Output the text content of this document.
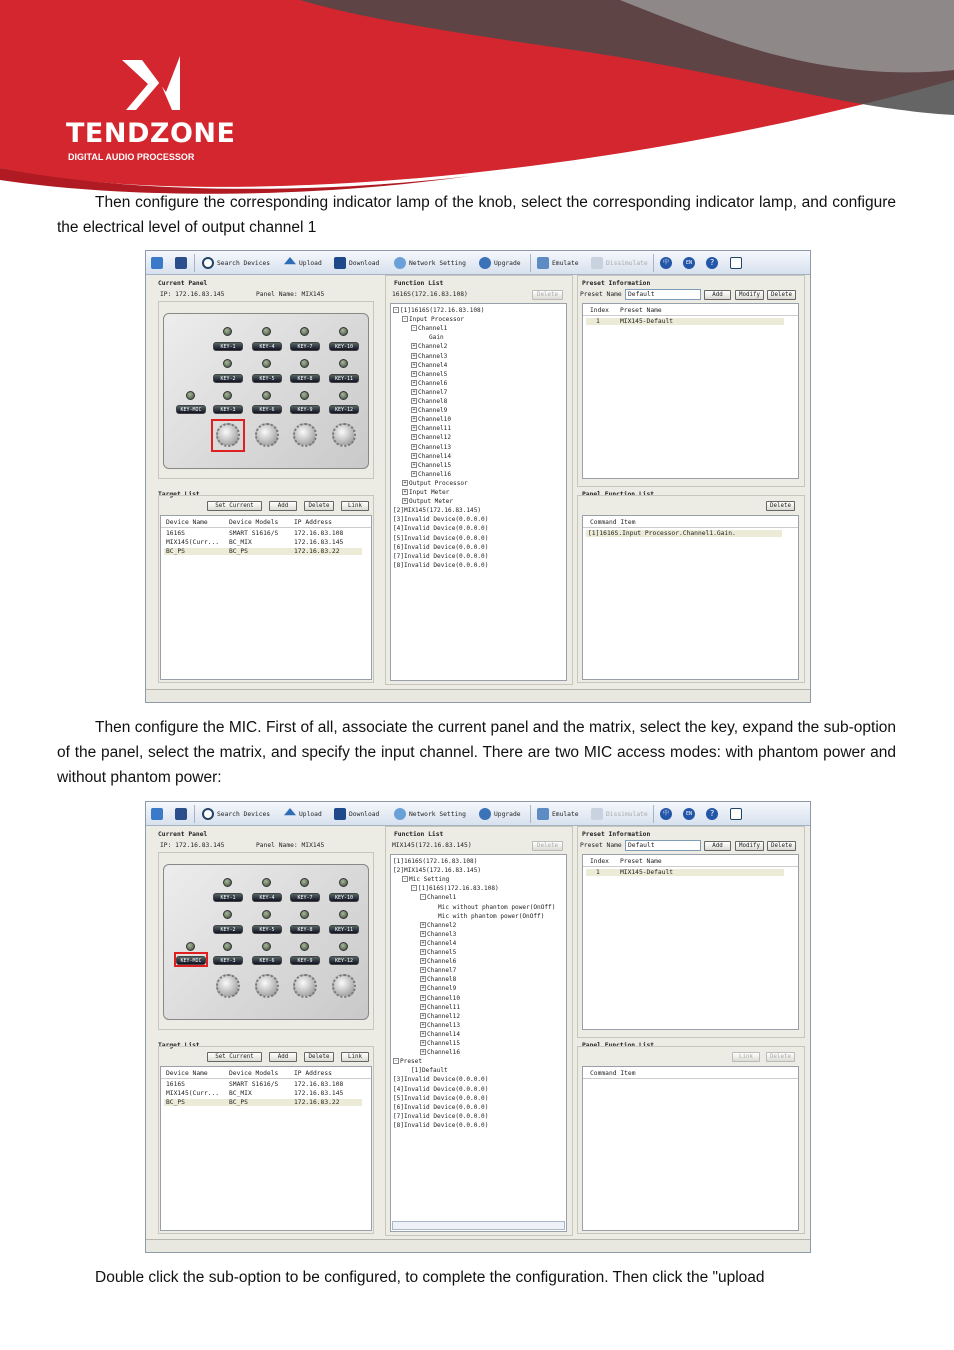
TENDZONE
DIGITAL AUDIO PROCESSOR

Then configure the corresponding indicator lamp of the knob, select the corresponding indicator lamp, and configure the electrical level of output channel 1

Search Devices	Upload	Download	Network Setting	Upgrade	Emulate	Dissimulate	中	EN	?
Current Panel
IP: 172.16.83.145	Panel Name: MIX145
KEY-1	KEY-4	KEY-7	KEY-10
KEY-2	KEY-5	KEY-8	KEY-11
KEY-MIC	KEY-3	KEY-6	KEY-9	KEY-12
Target List
Set Current	Add	Delete	Link
Device Name	Device Models IP Address
1616S	SMART S1616/S 172.16.83.108
MIX145(Curr... BC_MIX	172.16.83.145
BC_PS	BC_PS	172.16.83.22
Function List
1616S(172.16.83.108)	Delete
- [1]1616S(172.16.83.108)
- Input Processor
- Channel1
Gain
+ Channel2
+ Channel3
+ Channel4
+ Channel5
+ Channel6
+ Channel7
+ Channel8
+ Channel9
+ Channel10
+ Channel11
+ Channel12
+ Channel13
+ Channel14
+ Channel15
+ Channel16
+ Output Processor
+ Input Meter
+ Output Meter
[2]MIX145(172.16.83.145)
[3]Invalid Device(0.0.0.0)
[4]Invalid Device(0.0.0.0)
[5]Invalid Device(0.0.0.0)
[6]Invalid Device(0.0.0.0)
[7]Invalid Device(0.0.0.0)
[8]Invalid Device(0.0.0.0)
Preset Information
Preset Name Default	Add	Modify	Delete
Index Preset Name
1	MIX145-Default
Panel Function List
Delete
Command Item
[1]1616S.Input Processor.Channel1.Gain.

Then configure the MIC. First of all, associate the current panel and the matrix, select the key, expand the sub-option of the panel, select the matrix, and specify the input channel. There are two MIC access modes: with phantom power and without phantom power:

Search Devices	Upload	Download	Network Setting	Upgrade	Emulate	Dissimulate	中	EN	?
Current Panel
IP: 172.16.83.145	Panel Name: MIX145
KEY-1	KEY-4	KEY-7	KEY-10
KEY-2	KEY-5	KEY-8	KEY-11
KEY-MIC	KEY-3	KEY-6	KEY-9	KEY-12
Target List
Set Current	Add	Delete	Link
Device Name	Device Models IP Address
1616S	SMART S1616/S 172.16.83.108
MIX145(Curr... BC_MIX	172.16.83.145
BC_PS	BC_PS	172.16.83.22
Function List
MIX145(172.16.83.145)	Delete
[1]1616S(172.16.83.108)
[2]MIX145(172.16.83.145)
- Mic Setting
- [1]616S(172.16.83.108)
- Channel1
Mic without phantom power(OnOff)
Mic with phantom power(OnOff)
+ Channel2
+ Channel3
+ Channel4
+ Channel5
+ Channel6
+ Channel7
+ Channel8
+ Channel9
+ Channel10
+ Channel11
+ Channel12
+ Channel13
+ Channel14
+ Channel15
+ Channel16
- Preset
[1]Default
[3]Invalid Device(0.0.0.0)
[4]Invalid Device(0.0.0.0)
[5]Invalid Device(0.0.0.0)
[6]Invalid Device(0.0.0.0)
[7]Invalid Device(0.0.0.0)
[8]Invalid Device(0.0.0.0)
Preset Information
Preset Name Default	Add	Modify	Delete
Index Preset Name
1	MIX145-Default
Panel Function List
Link	Delete
Command Item

Double click the sub-option to be configured, to complete the configuration. Then click the "upload
